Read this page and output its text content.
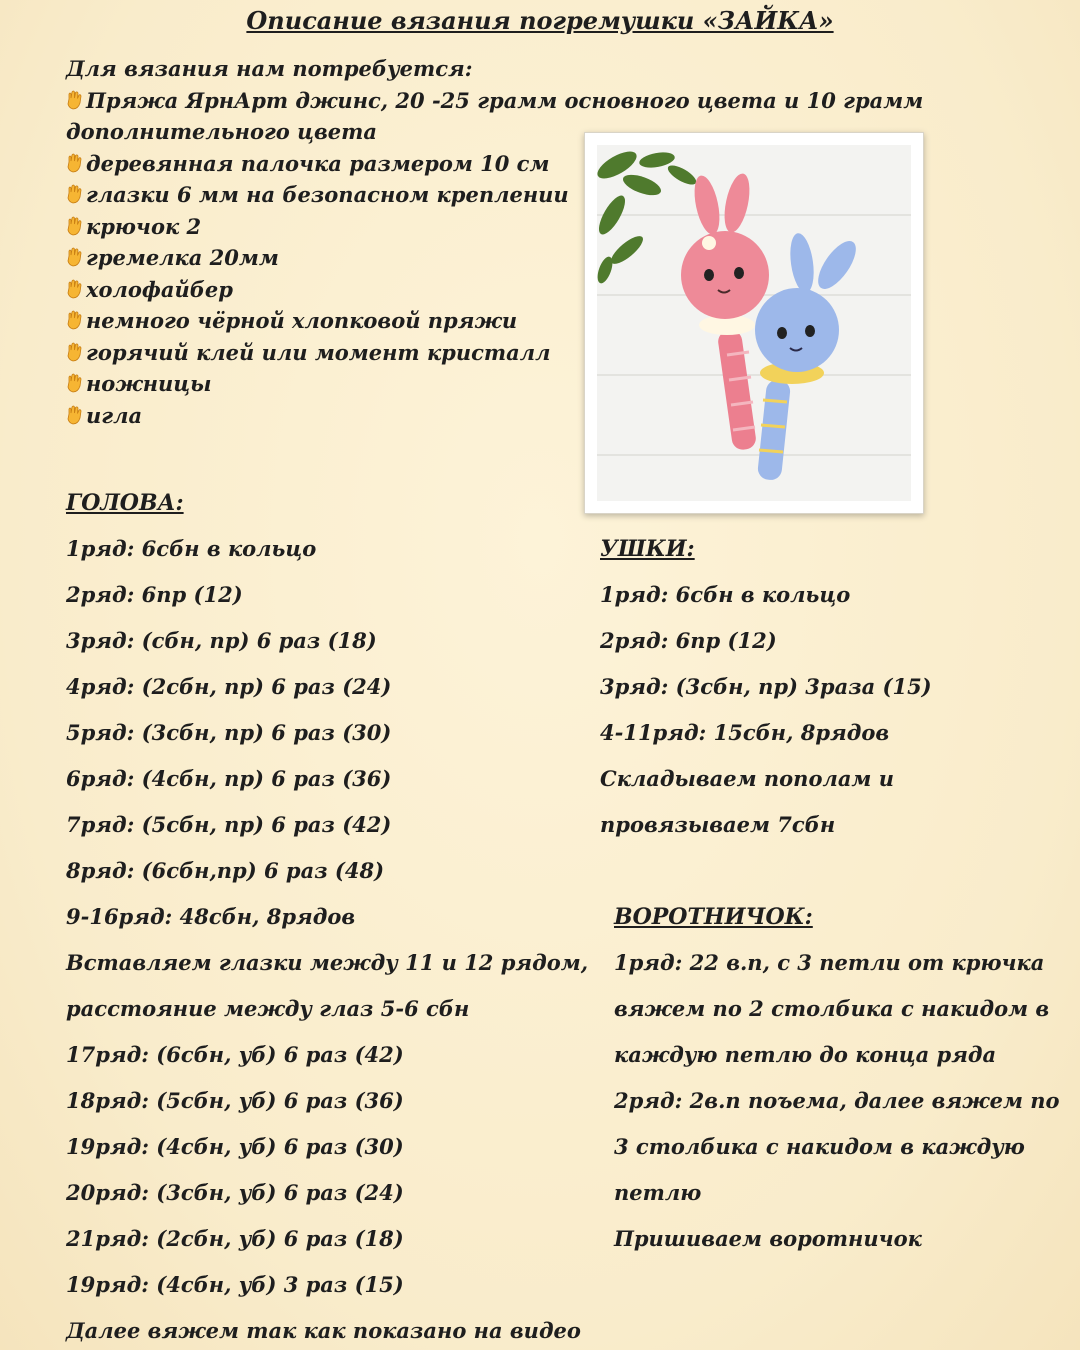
Описание вязания погремушки «ЗАЙКА»
Для вязания нам потребуется:
Пряжа ЯрнАрт джинс, 20 -25 грамм основного цвета и 10 грамм
дополнительного цвета
деревянная палочка размером 10 см
глазки 6 мм на безопасном креплении
крючок 2
гремелка 20мм
холофайбер
немного чёрной хлопковой пряжи
горячий клей или момент кристалл
ножницы
игла
ГОЛОВА:
1ряд: 6сбн в кольцо
2ряд: 6пр (12)
3ряд: (сбн, пр) 6 раз (18)
4ряд: (2сбн, пр) 6 раз (24)
5ряд: (3сбн, пр) 6 раз (30)
6ряд: (4сбн, пр) 6 раз (36)
7ряд: (5сбн, пр) 6 раз (42)
8ряд: (6сбн,пр) 6 раз (48)
9-16ряд: 48сбн, 8рядов
Вставляем глазки между 11 и 12 рядом,
расстояние между глаз 5-6 сбн
17ряд: (6сбн, уб) 6 раз (42)
18ряд: (5сбн, уб) 6 раз (36)
19ряд: (4сбн, уб) 6 раз (30)
20ряд: (3сбн, уб) 6 раз (24)
21ряд: (2сбн, уб) 6 раз (18)
19ряд: (4сбн, уб) 3 раз (15)
Далее вяжем так как показано на видео
УШКИ:
1ряд: 6сбн в кольцо
2ряд: 6пр (12)
3ряд: (3сбн, пр) 3раза (15)
4-11ряд: 15сбн, 8рядов
Складываем пополам и
провязываем 7сбн
ВОРОТНИЧОК:
1ряд: 22 в.п, с 3 петли от крючка
вяжем по 2 столбика с накидом в
каждую петлю до конца ряда
2ряд: 2в.п поъема, далее вяжем по
3 столбика с накидом в каждую
петлю
Пришиваем воротничок
